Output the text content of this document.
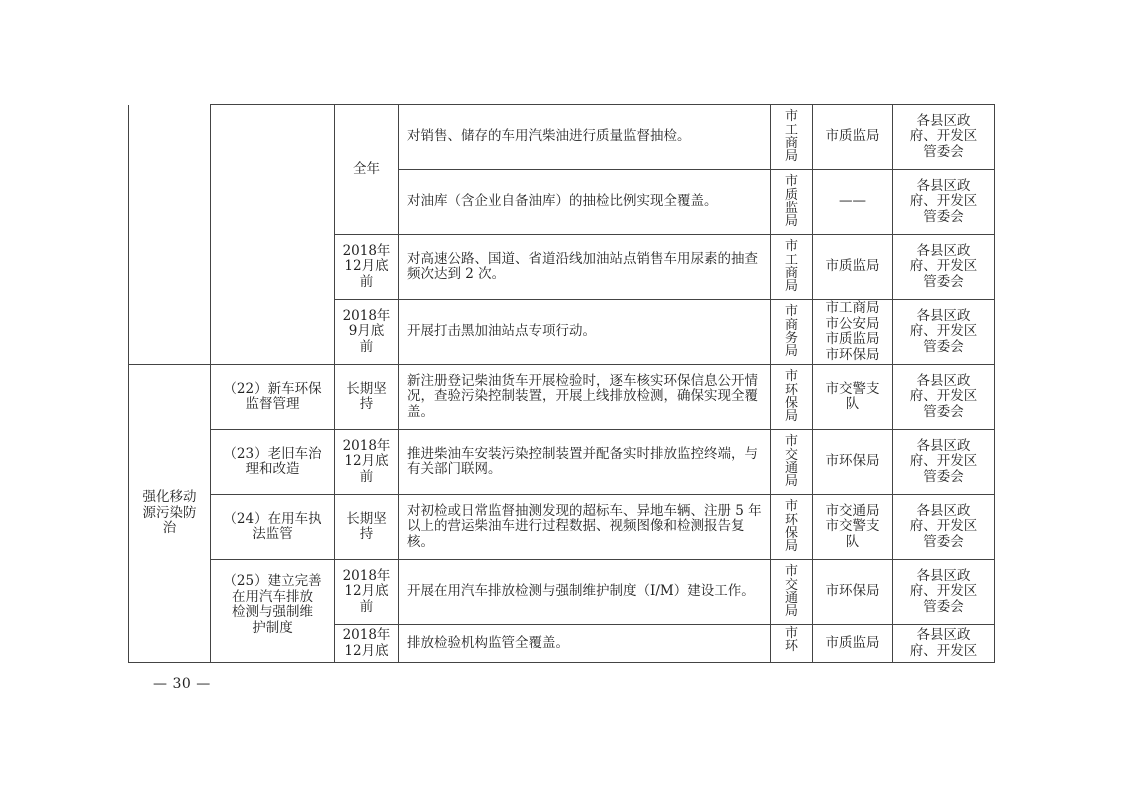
		全年	对销售、储存的车用汽柴油进行质量监督抽检。	市
工
商
局	市质监局	各县区政
府、开发区
管委会
			对油库（含企业自备油库）的抽检比例实现全覆盖。	市
质
监
局	——	各县区政
府、开发区
管委会
		2018年
12月底
前	对高速公路、国道、省道沿线加油站点销售车用尿素的抽查频次达到 2 次。	市
工
商
局	市质监局	各县区政
府、开发区
管委会
		2018年
9月底
前	开展打击黑加油站点专项行动。	市
商
务
局	市工商局
市公安局
市质监局
市环保局	各县区政
府、开发区
管委会
强化移动
源污染防
治	（22）新车环保
监督管理	长期坚
持	新注册登记柴油货车开展检验时，逐车核实环保信息公开情况，查验污染控制装置，开展上线排放检测，确保实现全覆盖。	市
环
保
局	市交警支
队	各县区政
府、开发区
管委会
	（23）老旧车治
理和改造	2018年
12月底
前	推进柴油车安装污染控制装置并配备实时排放监控终端，与有关部门联网。	市
交
通
局	市环保局	各县区政
府、开发区
管委会
	（24）在用车执
法监管	长期坚
持	对初检或日常监督抽测发现的超标车、异地车辆、注册 5 年以上的营运柴油车进行过程数据、视频图像和检测报告复核。	市
环
保
局	市交通局
市交警支
队	各县区政
府、开发区
管委会
	（25）建立完善
在用汽车排放
检测与强制维
护制度	2018年
12月底
前	开展在用汽车排放检测与强制维护制度（I/M）建设工作。	市
交
通
局	市环保局	各县区政
府、开发区
管委会
		2018年
12月底	排放检验机构监管全覆盖。	市
环	市质监局	各县区政
府、开发区
— 30 —
